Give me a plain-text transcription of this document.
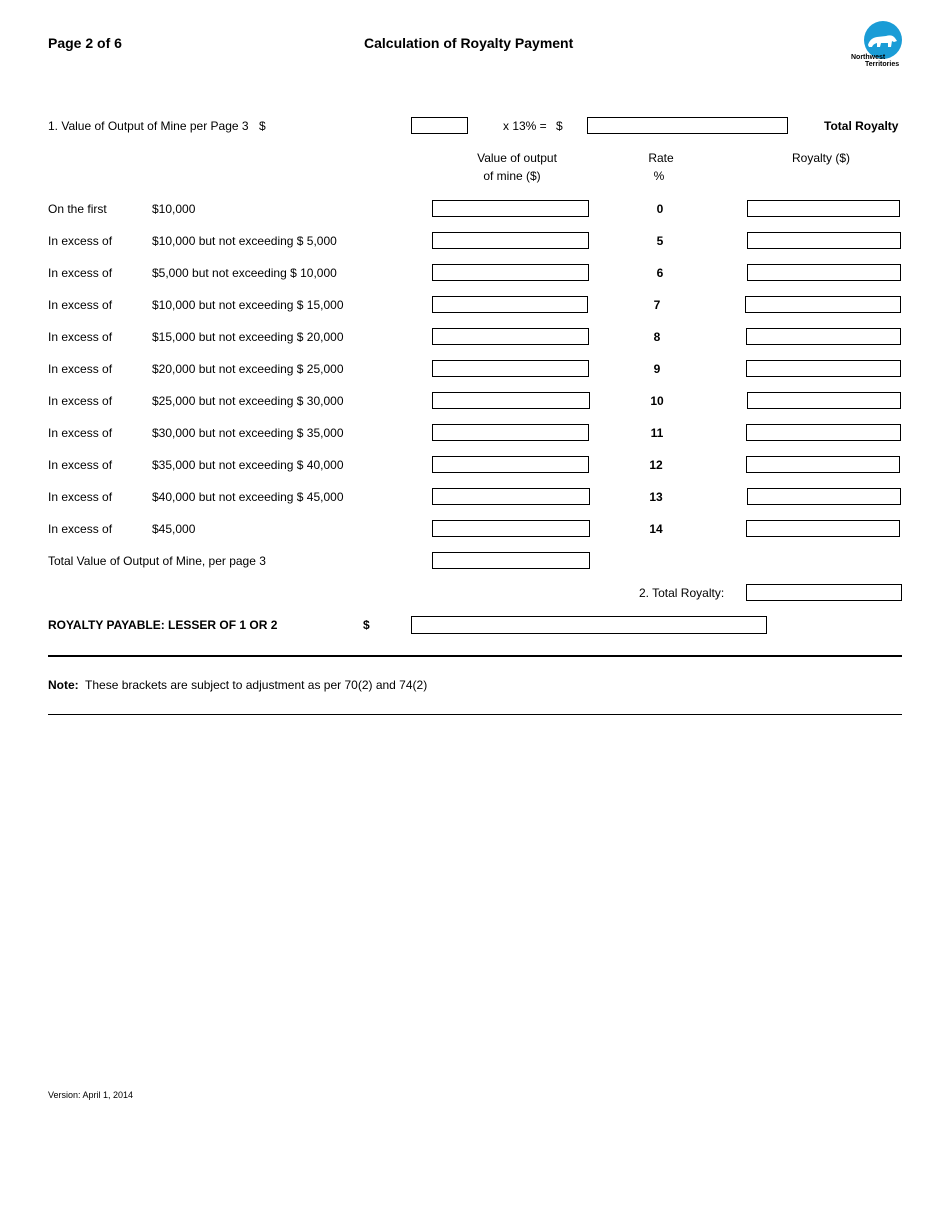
Page 2 of 6	Calculation of Royalty Payment
Northwest
Territories
1. Value of Output of Mine per Page 3 $	x 13% = $	Total Royalty
Value of output
of mine ($)
Rate
%
Royalty ($)
On the first	$10,000	0
In excess of	$10,000 but not exceeding $ 5,000	5
In excess of	$5,000 but not exceeding $ 10,000	6
In excess of	$10,000 but not exceeding $ 15,000	7
In excess of	$15,000 but not exceeding $ 20,000	8
In excess of	$20,000 but not exceeding $ 25,000	9
In excess of	$25,000 but not exceeding $ 30,000	10
In excess of	$30,000 but not exceeding $ 35,000	11
In excess of	$35,000 but not exceeding $ 40,000	12
In excess of	$40,000 but not exceeding $ 45,000	13
In excess of	$45,000	14
Total Value of Output of Mine, per page 3
2. Total Royalty:
ROYALTY PAYABLE: LESSER OF 1 OR 2	$
Note: These brackets are subject to adjustment as per 70(2) and 74(2)
Version: April 1, 2014
